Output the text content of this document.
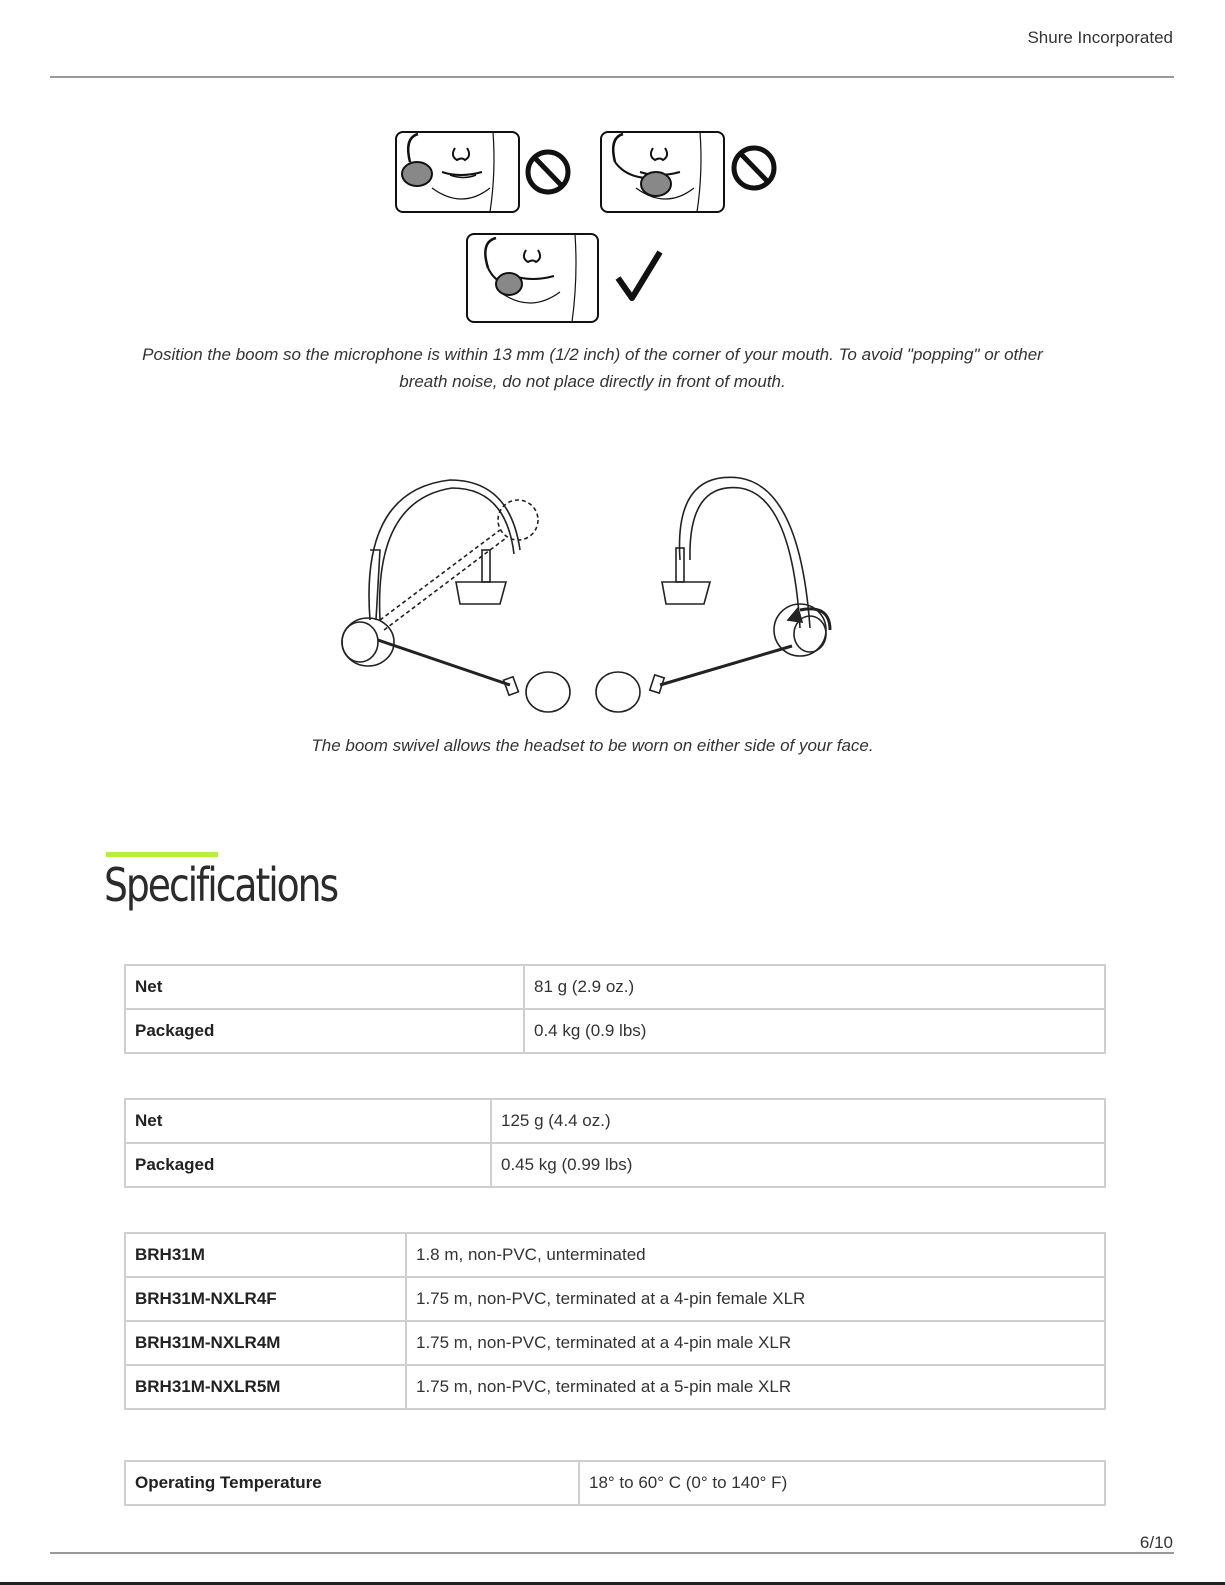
Shure Incorporated
Position the boom so the microphone is within 13 mm (1/2 inch) of the corner of your mouth. To avoid "popping" or other breath noise, do not place directly in front of mouth.
The boom swivel allows the headset to be worn on either side of your face.
Specifications
Net	81 g (2.9 oz.)
Packaged	0.4 kg (0.9 lbs)
Net	125 g (4.4 oz.)
Packaged	0.45 kg (0.99 lbs)
BRH31M	1.8 m, non-PVC, unterminated
BRH31M-NXLR4F	1.75 m, non-PVC, terminated at a 4-pin female XLR
BRH31M-NXLR4M	1.75 m, non-PVC, terminated at a 4-pin male XLR
BRH31M-NXLR5M	1.75 m, non-PVC, terminated at a 5-pin male XLR
Operating Temperature	18° to 60° C (0° to 140° F)
6/10
